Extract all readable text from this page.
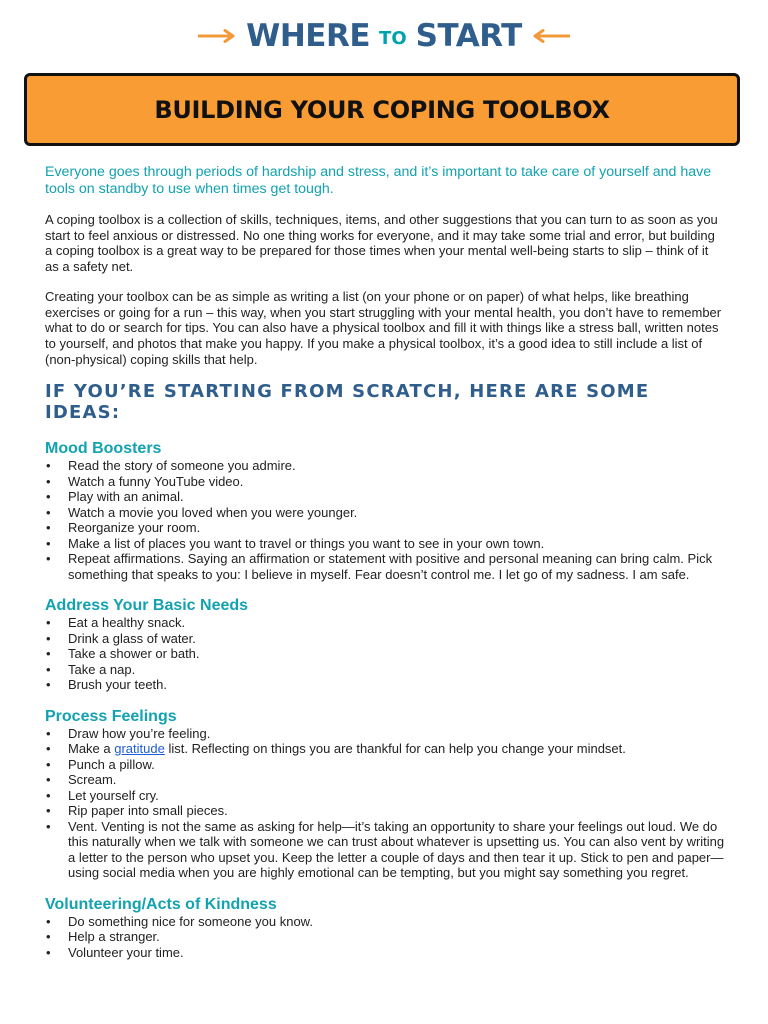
WHERE TO START
BUILDING YOUR COPING TOOLBOX

Everyone goes through periods of hardship and stress, and it’s important to take care of yourself and have tools on standby to use when times get tough.

A coping toolbox is a collection of skills, techniques, items, and other suggestions that you can turn to as soon as you start to feel anxious or distressed. No one thing works for everyone, and it may take some trial and error, but building a coping toolbox is a great way to be prepared for those times when your mental well-being starts to slip – think of it as a safety net.

Creating your toolbox can be as simple as writing a list (on your phone or on paper) of what helps, like breathing exercises or going for a run – this way, when you start struggling with your mental health, you don’t have to remember what to do or search for tips. You can also have a physical toolbox and fill it with things like a stress ball, written notes to yourself, and photos that make you happy. If you make a physical toolbox, it’s a good idea to still include a list of (non-physical) coping skills that help.

IF YOU’RE STARTING FROM SCRATCH, HERE ARE SOME IDEAS:
Mood Boosters
• Read the story of someone you admire.
• Watch a funny YouTube video.
• Play with an animal.
• Watch a movie you loved when you were younger.
• Reorganize your room.
• Make a list of places you want to travel or things you want to see in your own town.
• Repeat affirmations. Saying an affirmation or statement with positive and personal meaning can bring calm. Pick something that speaks to you: I believe in myself. Fear doesn’t control me. I let go of my sadness. I am safe.
Address Your Basic Needs
• Eat a healthy snack.
• Drink a glass of water.
• Take a shower or bath.
• Take a nap.
• Brush your teeth.
Process Feelings
• Draw how you’re feeling.
• Make a gratitude list. Reflecting on things you are thankful for can help you change your mindset.
• Punch a pillow.
• Scream.
• Let yourself cry.
• Rip paper into small pieces.
• Vent. Venting is not the same as asking for help—it’s taking an opportunity to share your feelings out loud. We do this naturally when we talk with someone we can trust about whatever is upsetting us. You can also vent by writing a letter to the person who upset you. Keep the letter a couple of days and then tear it up. Stick to pen and paper—using social media when you are highly emotional can be tempting, but you might say something you regret.
Volunteering/Acts of Kindness
• Do something nice for someone you know.
• Help a stranger.
• Volunteer your time.
